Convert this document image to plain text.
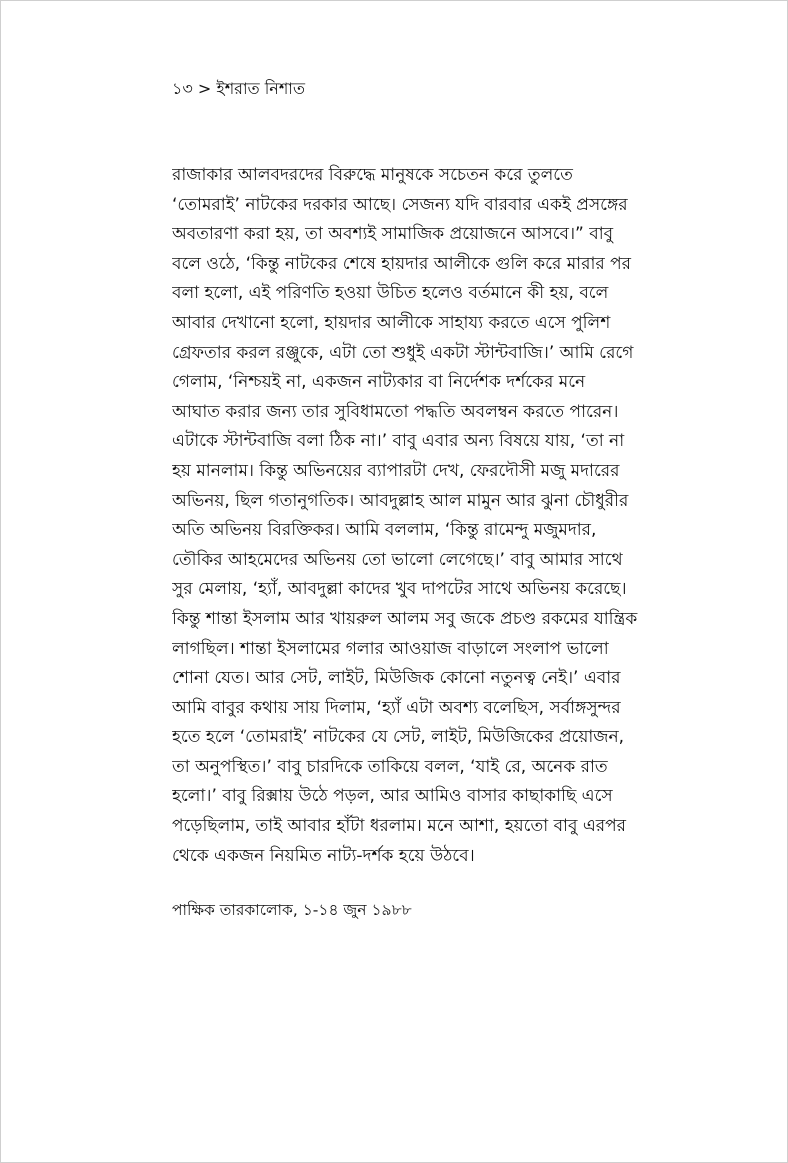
১৩ > ইশরাত নিশাত
রাজাকার আলবদরদের বিরুদ্ধে মানুষকে সচেতন করে তুলতে
‘তোমরাই’ নাটকের দরকার আছে। সেজন্য যদি বারবার একই প্রসঙ্গের
অবতারণা করা হয়, তা অবশ্যই সামাজিক প্রয়োজনে আসবে।” বাবু
বলে ওঠে, ‘কিন্তু নাটকের শেষে হায়দার আলীকে গুলি করে মারার পর
বলা হলো, এই পরিণতি হওয়া উচিত হলেও বর্তমানে কী হয়, বলে
আবার দেখানো হলো, হায়দার আলীকে সাহায্য করতে এসে পুলিশ
গ্রেফতার করল রঞ্জুকে, এটা তো শুধুই একটা স্টান্টবাজি।’ আমি রেগে
গেলাম, ‘নিশ্চয়ই না, একজন নাট্যকার বা নির্দেশক দর্শকের মনে
আঘাত করার জন্য তার সুবিধামতো পদ্ধতি অবলম্বন করতে পারেন।
এটাকে স্টান্টবাজি বলা ঠিক না।’ বাবু এবার অন্য বিষয়ে যায়, ‘তা না
হয় মানলাম। কিন্তু অভিনয়ের ব্যাপারটা দেখ, ফেরদৌসী মজু মদারের
অভিনয়, ছিল গতানুগতিক। আবদুল্লাহ আল মামুন আর ঝুনা চৌধুরীর
অতি অভিনয় বিরক্তিকর। আমি বললাম, ‘কিন্তু রামেন্দু মজুমদার,
তৌকির আহমেদের অভিনয় তো ভালো লেগেছে।’ বাবু আমার সাথে
সুর মেলায়, ‘হ্যাঁ, আবদুল্লা কাদের খুব দাপটের সাথে অভিনয় করেছে।
কিন্তু শান্তা ইসলাম আর খায়রুল আলম সবু জকে প্রচণ্ড রকমের যান্ত্রিক
লাগছিল। শান্তা ইসলামের গলার আওয়াজ বাড়ালে সংলাপ ভালো
শোনা যেত। আর সেট, লাইট, মিউজিক কোনো নতুনত্ব নেই।’ এবার
আমি বাবুর কথায় সায় দিলাম, ‘হ্যাঁ এটা অবশ্য বলেছিস, সর্বাঙ্গসুন্দর
হতে হলে ‘তোমরাই’ নাটকের যে সেট, লাইট, মিউজিকের প্রয়োজন,
তা অনুপস্থিত।’ বাবু চারদিকে তাকিয়ে বলল, ‘যাই রে, অনেক রাত
হলো।’ বাবু রিক্সায় উঠে পড়ল, আর আমিও বাসার কাছাকাছি এসে
পড়েছিলাম, তাই আবার হাঁটা ধরলাম। মনে আশা, হয়তো বাবু এরপর
থেকে একজন নিয়মিত নাট্য-দর্শক হয়ে উঠবে।
পাক্ষিক তারকালোক, ১-১৪ জুন ১৯৮৮
